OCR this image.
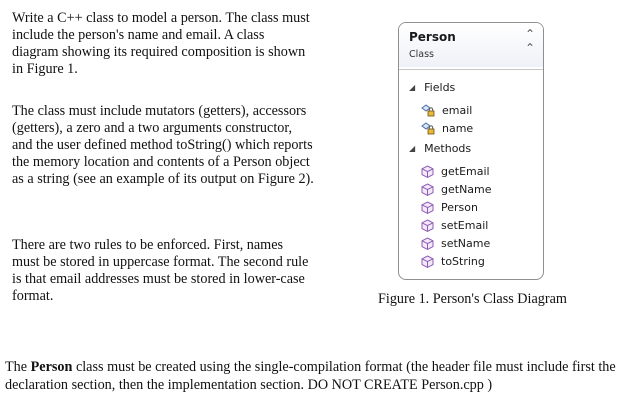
Write a C++ class to model a person. The class must include the person's name and email. A class diagram showing its required composition is shown in Figure 1.

The class must include mutators (getters), accessors (getters), a zero and a two arguments constructor, and the user defined method toString() which reports the memory location and contents of a Person object as a string (see an example of its output on Figure 2).

There are two rules to be enforced. First, names must be stored in uppercase format. The second rule is that email addresses must be stored in lower-case format.

Person
Class
⌃
⌃
◢ Fields
email
name
◢ Methods
getEmail
getName
Person
setEmail
setName
toString

Figure 1. Person's Class Diagram

The Person class must be created using the single-compilation format (the header file must include first the declaration section, then the implementation section. DO NOT CREATE Person.cpp )
